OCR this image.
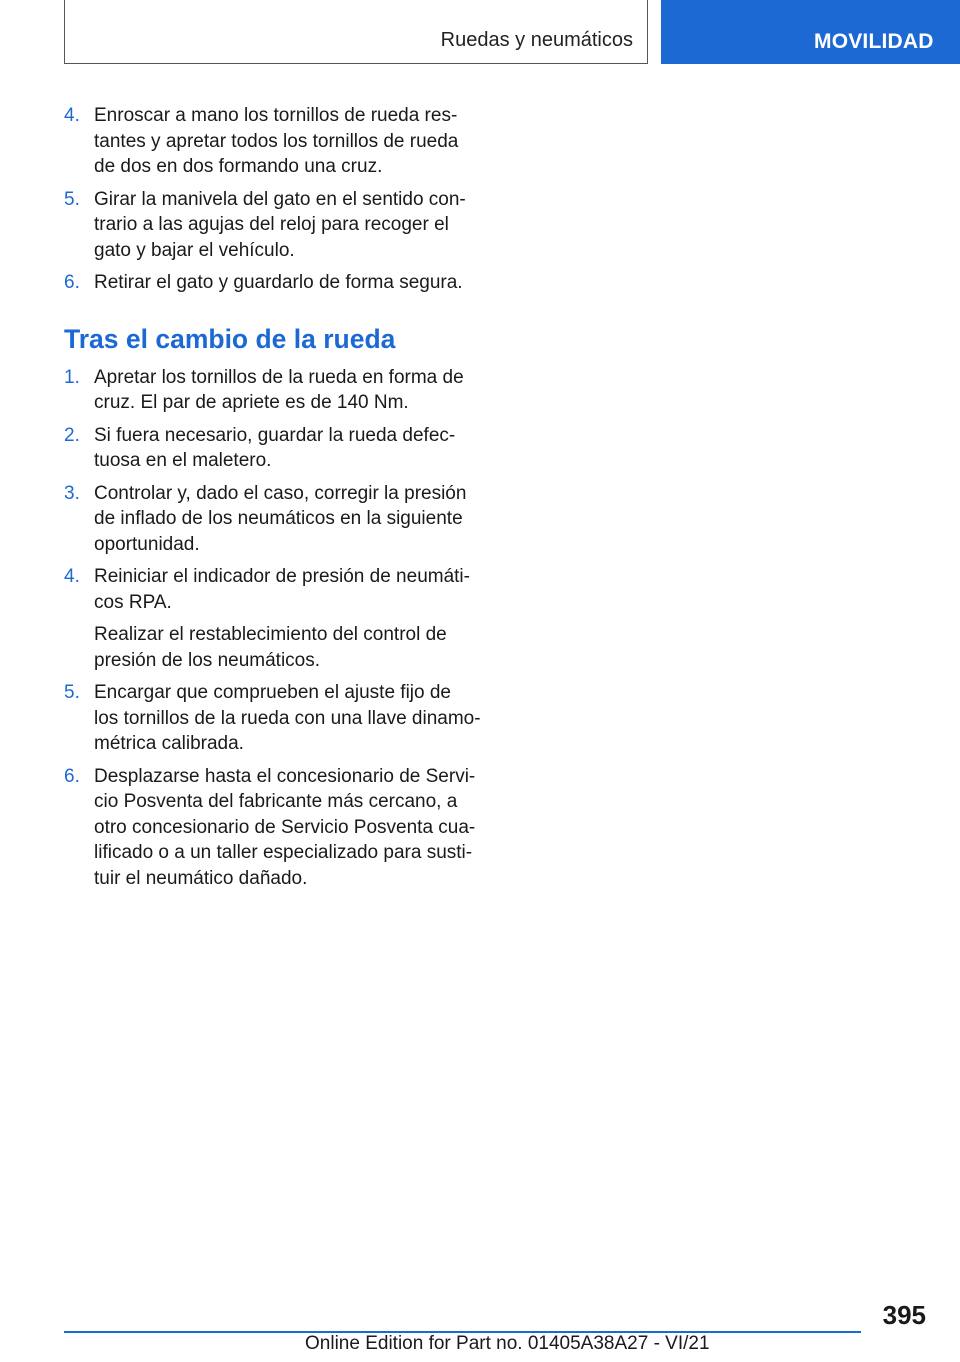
Ruedas y neumáticos	MOVILIDAD
4. Enroscar a mano los tornillos de rueda res-
tantes y apretar todos los tornillos de rueda
de dos en dos formando una cruz.
5. Girar la manivela del gato en el sentido con-
trario a las agujas del reloj para recoger el
gato y bajar el vehículo.
6. Retirar el gato y guardarlo de forma segura.
Tras el cambio de la rueda
1. Apretar los tornillos de la rueda en forma de
cruz. El par de apriete es de 140 Nm.
2. Si fuera necesario, guardar la rueda defec-
tuosa en el maletero.
3. Controlar y, dado el caso, corregir la presión
de inflado de los neumáticos en la siguiente
oportunidad.
4. Reiniciar el indicador de presión de neumáti-
cos RPA.
Realizar el restablecimiento del control de
presión de los neumáticos.
5. Encargar que comprueben el ajuste fijo de
los tornillos de la rueda con una llave dinamo-
métrica calibrada.
6. Desplazarse hasta el concesionario de Servi-
cio Posventa del fabricante más cercano, a
otro concesionario de Servicio Posventa cua-
lificado o a un taller especializado para susti-
tuir el neumático dañado.
395
Online Edition for Part no. 01405A38A27 - VI/21
